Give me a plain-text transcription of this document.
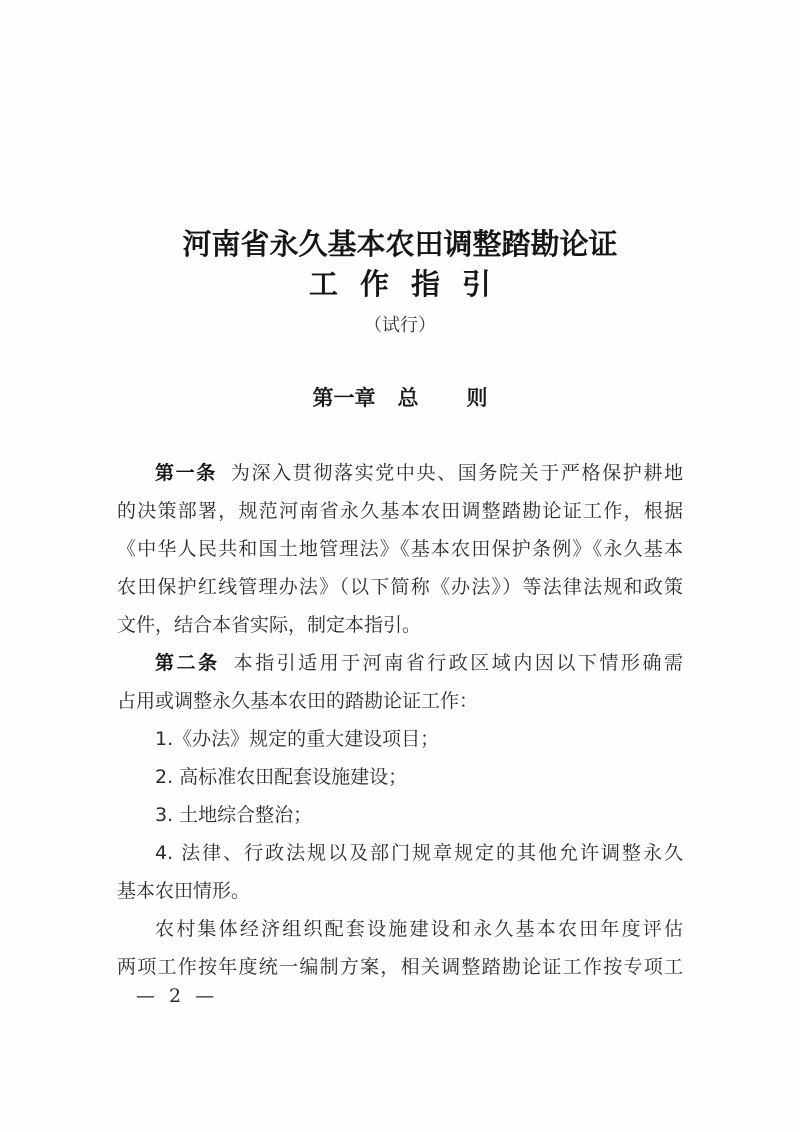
河南省永久基本农田调整踏勘论证
工作指引
（试行）
第一章 总 则
第一条 为深入贯彻落实党中央、国务院关于严格保护耕地
的决策部署，规范河南省永久基本农田调整踏勘论证工作，根据
《中华人民共和国土地管理法》《基本农田保护条例》《永久基本
农田保护红线管理办法》（以下简称《办法》）等法律法规和政策
文件，结合本省实际，制定本指引。
第二条 本指引适用于河南省行政区域内因以下情形确需
占用或调整永久基本农田的踏勘论证工作：
1.《办法》规定的重大建设项目；
2. 高标准农田配套设施建设；
3. 土地综合整治；
4. 法律、行政法规以及部门规章规定的其他允许调整永久
基本农田情形。
农村集体经济组织配套设施建设和永久基本农田年度评估
两项工作按年度统一编制方案，相关调整踏勘论证工作按专项工
— 2 —
